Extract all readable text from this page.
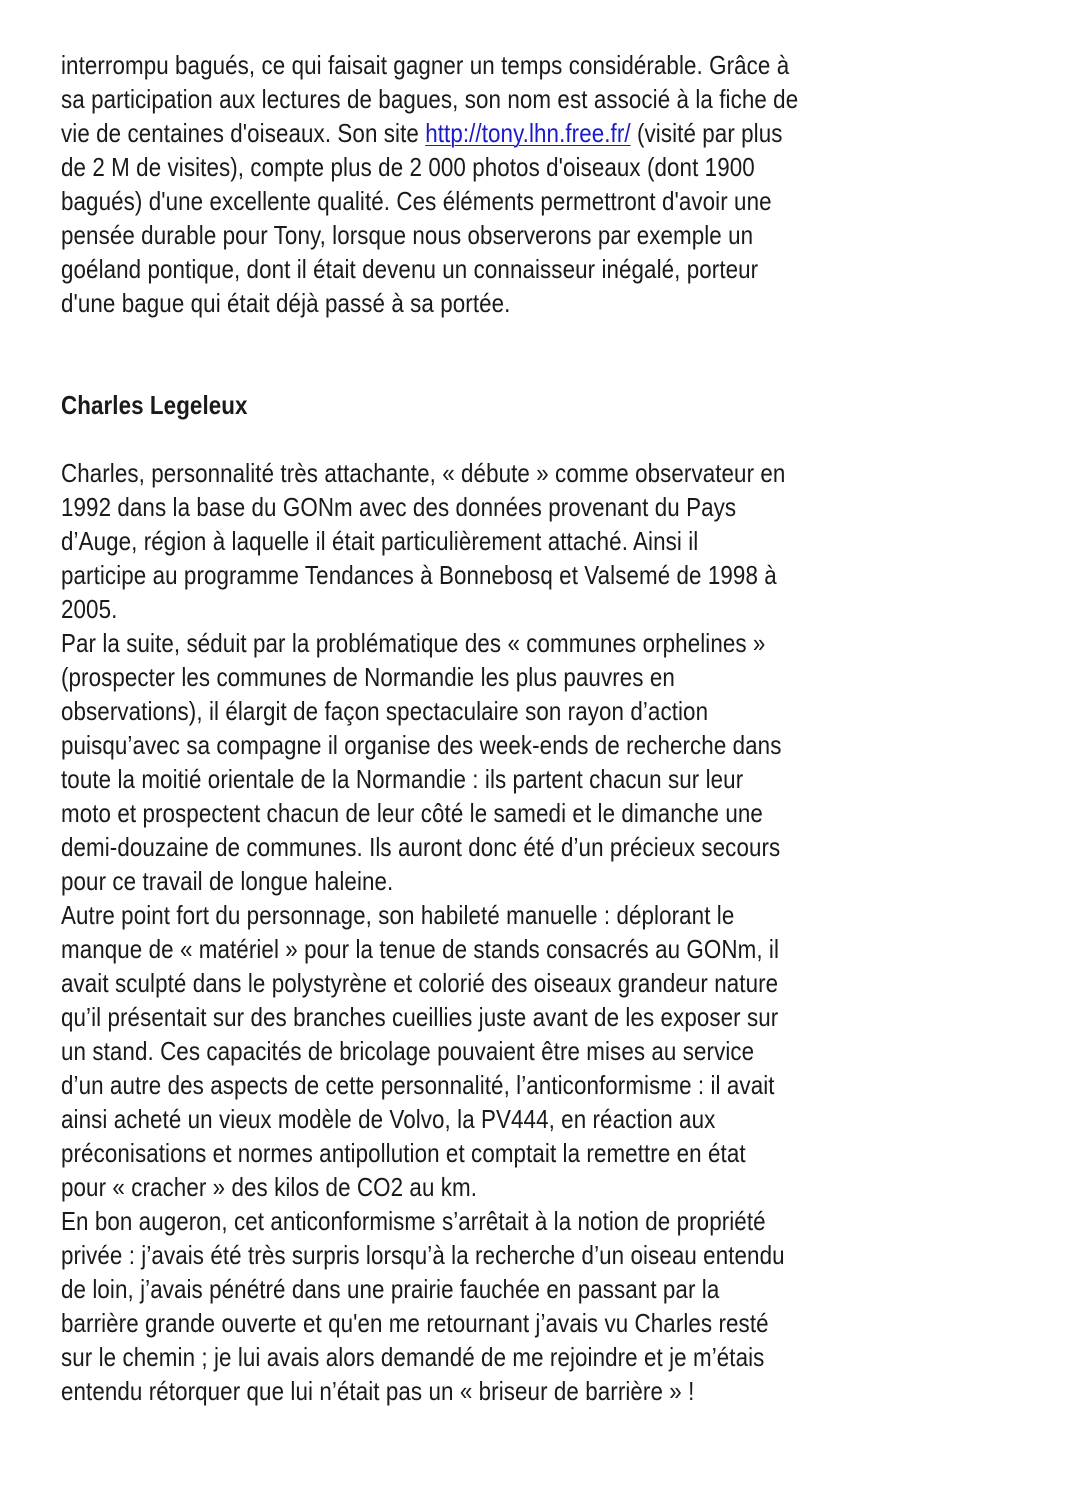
interrompu bagués, ce qui faisait gagner un temps considérable. Grâce à
sa participation aux lectures de bagues, son nom est associé à la fiche de
vie de centaines d'oiseaux. Son site http://tony.lhn.free.fr/ (visité par plus
de 2 M de visites), compte plus de 2 000 photos d'oiseaux (dont 1900
bagués) d'une excellente qualité. Ces éléments permettront d'avoir une
pensée durable pour Tony, lorsque nous observerons par exemple un
goéland pontique, dont il était devenu un connaisseur inégalé, porteur
d'une bague qui était déjà passé à sa portée.
Charles Legeleux
Charles, personnalité très attachante, « débute » comme observateur en
1992 dans la base du GONm avec des données provenant du Pays
d’Auge, région à laquelle il était particulièrement attaché. Ainsi il
participe au programme Tendances à Bonnebosq et Valsemé de 1998 à
2005.
Par la suite, séduit par la problématique des « communes orphelines »
(prospecter les communes de Normandie les plus pauvres en
observations), il élargit de façon spectaculaire son rayon d’action
puisqu’avec sa compagne il organise des week-ends de recherche dans
toute la moitié orientale de la Normandie : ils partent chacun sur leur
moto et prospectent chacun de leur côté le samedi et le dimanche une
demi-douzaine de communes. Ils auront donc été d’un précieux secours
pour ce travail de longue haleine.
Autre point fort du personnage, son habileté manuelle : déplorant le
manque de « matériel » pour la tenue de stands consacrés au GONm, il
avait sculpté dans le polystyrène et colorié des oiseaux grandeur nature
qu’il présentait sur des branches cueillies juste avant de les exposer sur
un stand. Ces capacités de bricolage pouvaient être mises au service
d’un autre des aspects de cette personnalité, l’anticonformisme : il avait
ainsi acheté un vieux modèle de Volvo, la PV444, en réaction aux
préconisations et normes antipollution et comptait la remettre en état
pour « cracher » des kilos de CO2 au km.
En bon augeron, cet anticonformisme s’arrêtait à la notion de propriété
privée : j’avais été très surpris lorsqu’à la recherche d’un oiseau entendu
de loin, j’avais pénétré dans une prairie fauchée en passant par la
barrière grande ouverte et qu'en me retournant j’avais vu Charles resté
sur le chemin ; je lui avais alors demandé de me rejoindre et je m’étais
entendu rétorquer que lui n’était pas un « briseur de barrière » !
